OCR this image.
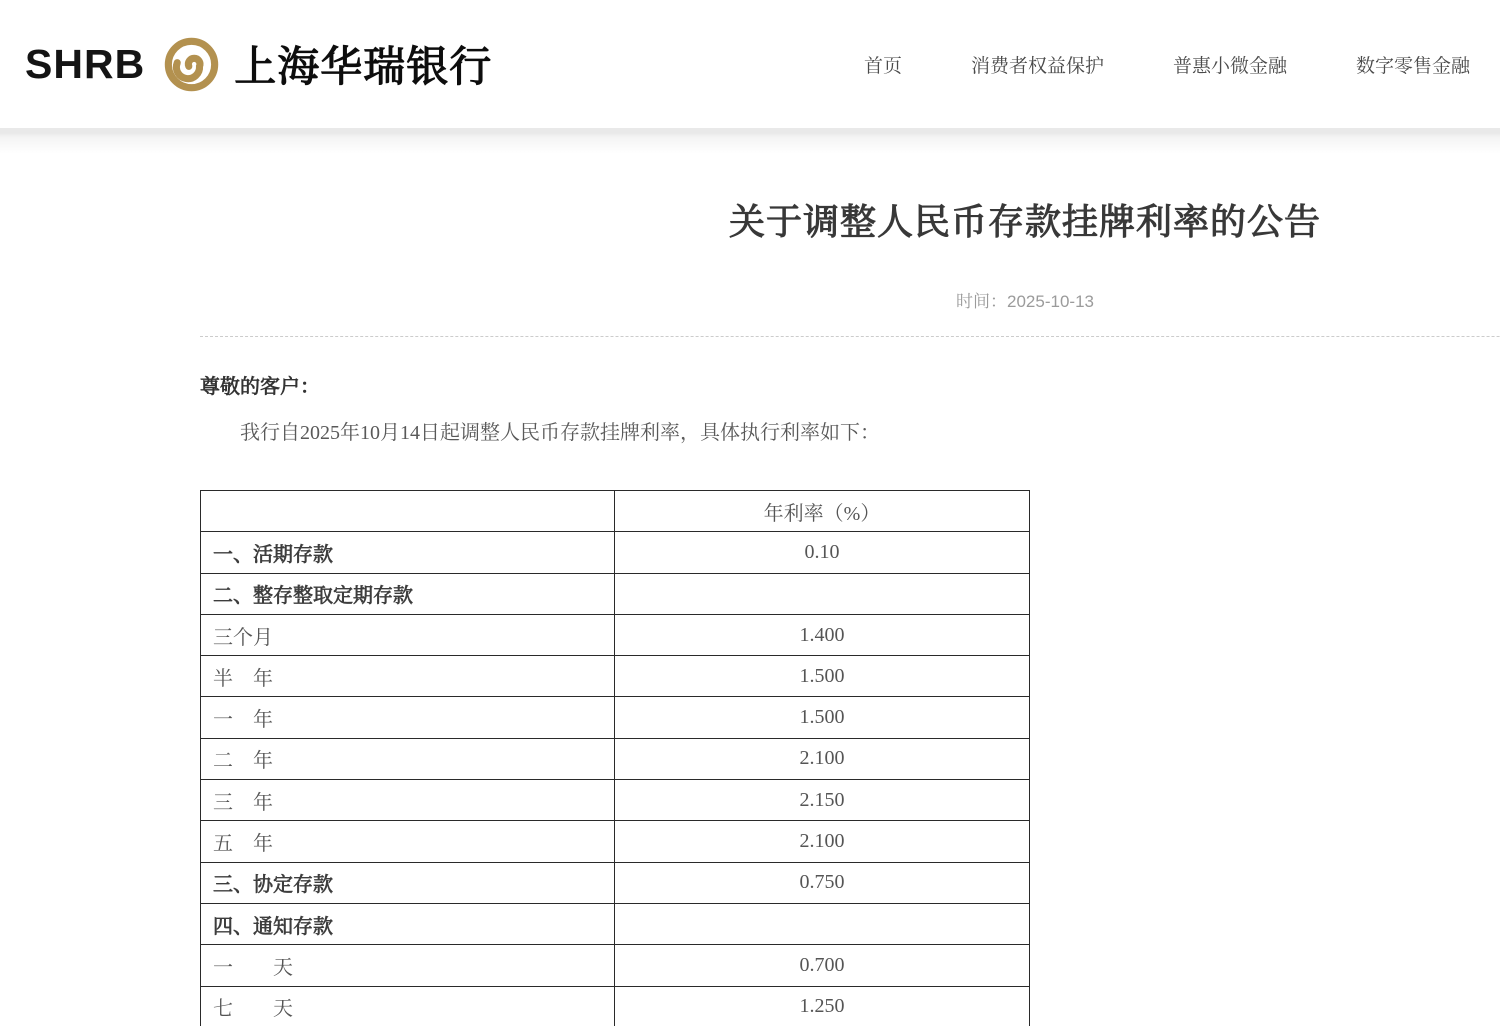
SHRB 上海华瑞银行	首页	消费者权益保护	普惠小微金融	数字零售金融
关于调整人民币存款挂牌利率的公告
时间：2025-10-13

尊敬的客户：

我行自2025年10月14日起调整人民币存款挂牌利率，具体执行利率如下：

	年利率（%）
一、活期存款	0.10
二、整存整取定期存款	
三个月	1.400
半　年	1.500
一　年	1.500
二　年	2.100
三　年	2.150
五　年	2.100
三、协定存款	0.750
四、通知存款	
一　　天	0.700
七　　天	1.250
